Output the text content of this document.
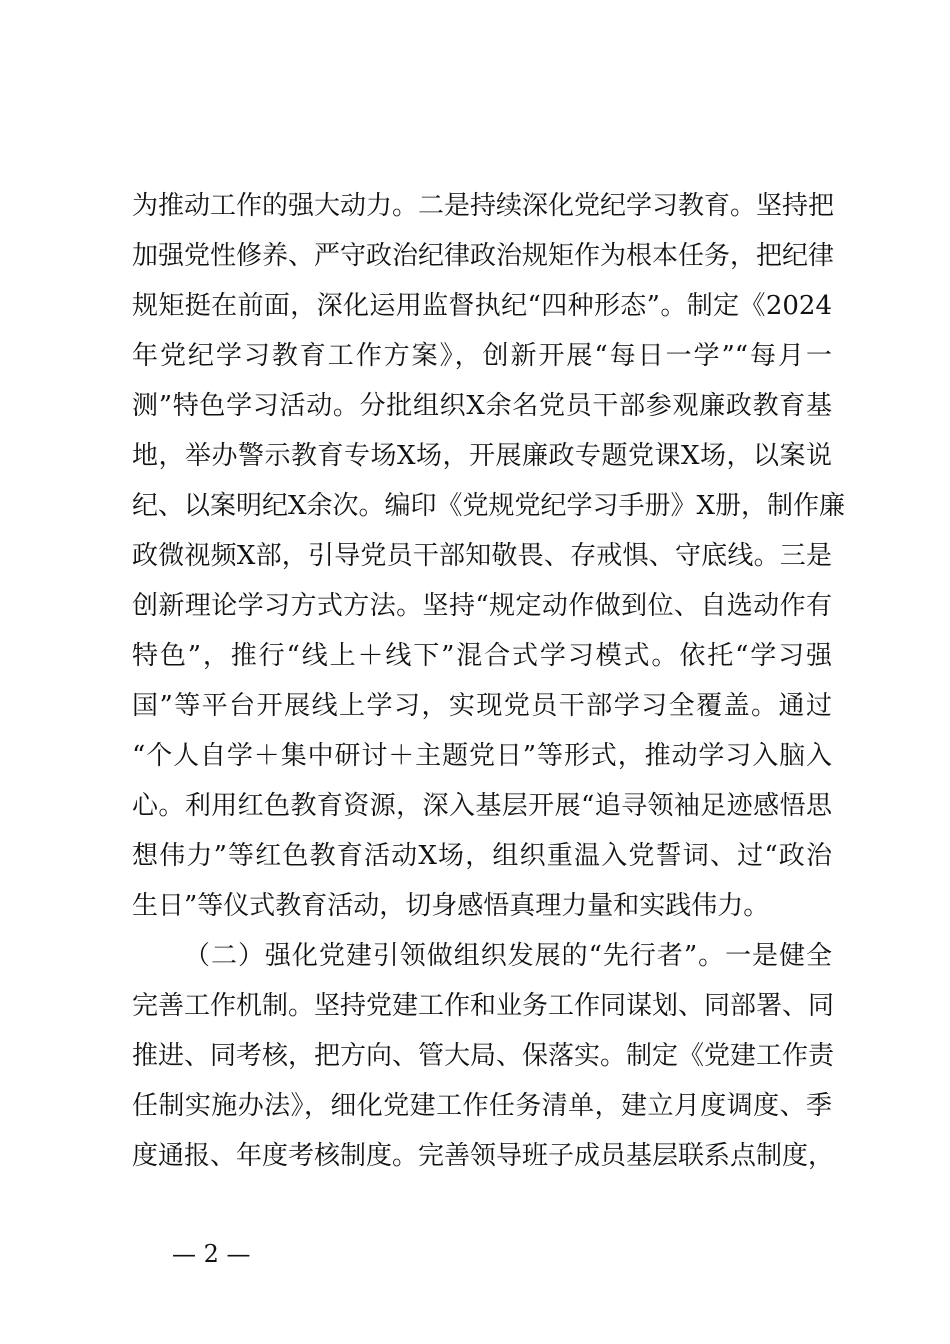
为推动工作的强大动力。二是持续深化党纪学习教育。坚持把
加强党性修养、严守政治纪律政治规矩作为根本任务，把纪律
规矩挺在前面，深化运用监督执纪“四种形态”。制定《2024
年党纪学习教育工作方案》，创新开展“每日一学”“每月一
测”特色学习活动。分批组织X余名党员干部参观廉政教育基
地，举办警示教育专场X场，开展廉政专题党课X场，以案说
纪、以案明纪X余次。编印《党规党纪学习手册》X册，制作廉
政微视频X部，引导党员干部知敬畏、存戒惧、守底线。三是
创新理论学习方式方法。坚持“规定动作做到位、自选动作有
特色”，推行“线上＋线下”混合式学习模式。依托“学习强
国”等平台开展线上学习，实现党员干部学习全覆盖。通过
“个人自学＋集中研讨＋主题党日”等形式，推动学习入脑入
心。利用红色教育资源，深入基层开展“追寻领袖足迹感悟思
想伟力”等红色教育活动X场，组织重温入党誓词、过“政治
生日”等仪式教育活动，切身感悟真理力量和实践伟力。
（二）强化党建引领做组织发展的“先行者”。一是健全
完善工作机制。坚持党建工作和业务工作同谋划、同部署、同
推进、同考核，把方向、管大局、保落实。制定《党建工作责
任制实施办法》，细化党建工作任务清单，建立月度调度、季
度通报、年度考核制度。完善领导班子成员基层联系点制度，
— 2 —
